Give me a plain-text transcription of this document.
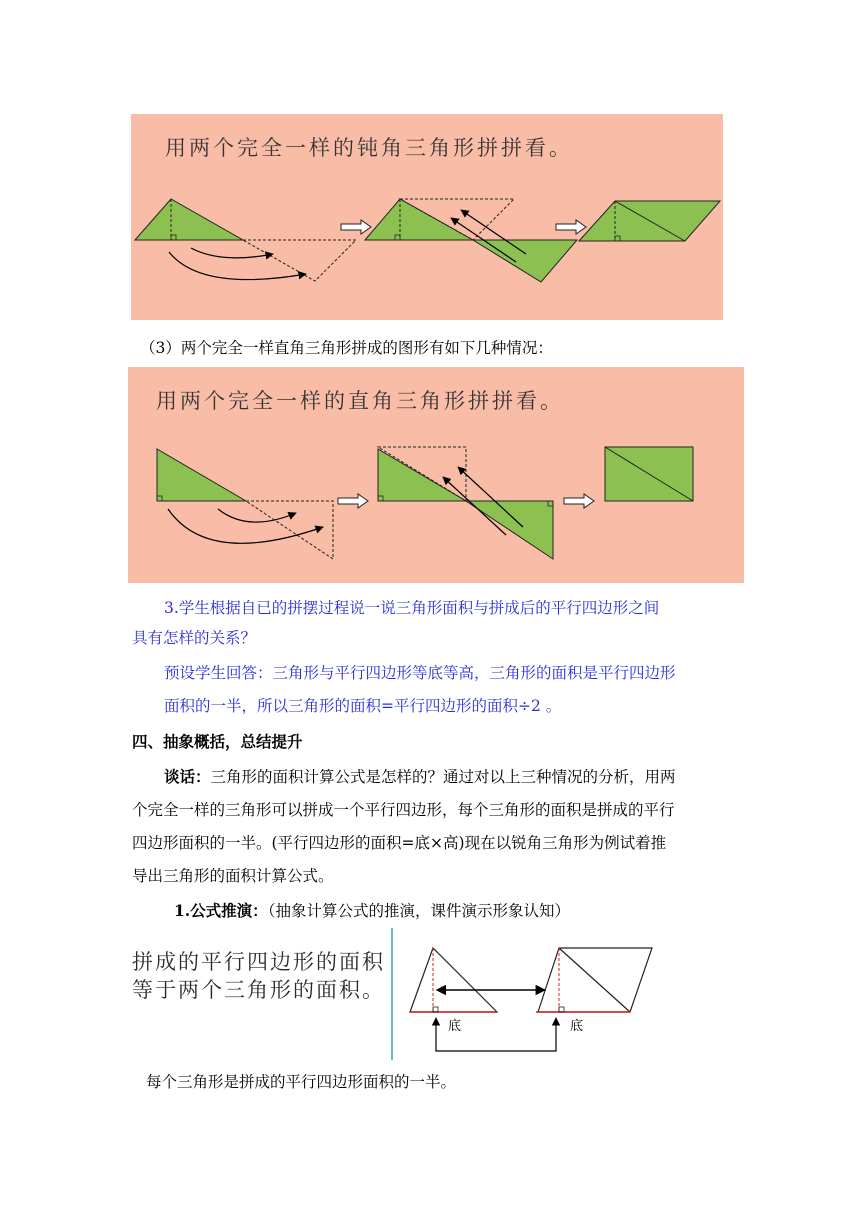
用两个完全一样的钝角三角形拼拼看。
（3）两个完全一样直角三角形拼成的图形有如下几种情况：
用两个完全一样的直角三角形拼拼看。
3.学生根据自已的拼摆过程说一说三角形面积与拼成后的平行四边形之间
具有怎样的关系？
预设学生回答：三角形与平行四边形等底等高，三角形的面积是平行四边形
面积的一半，所以三角形的面积=平行四边形的面积÷2 。
四、抽象概括，总结提升
谈话：三角形的面积计算公式是怎样的？通过对以上三种情况的分析，用两
个完全一样的三角形可以拼成一个平行四边形，每个三角形的面积是拼成的平行
四边形面积的一半。(平行四边形的面积=底×高)现在以锐角三角形为例试着推
导出三角形的面积计算公式。
1.公式推演：（抽象计算公式的推演，课件演示形象认知）
拼成的平行四边形的面积
等于两个三角形的面积。
底	底
每个三角形是拼成的平行四边形面积的一半。
